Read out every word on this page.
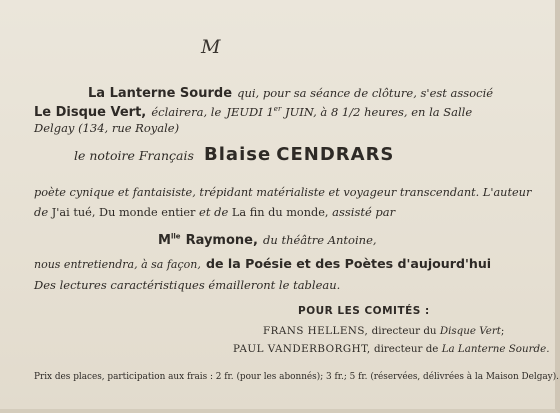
M
La Lanterne Sourde qui, pour sa séance de clôture, s'est associé
Le Disque Vert, éclairera, le JEUDI 1er JUIN, à 8 1/2 heures, en la Salle
Delgay (134, rue Royale)
le notoire Français Blaise CENDRARS
poète cynique et fantaisiste, trépidant matérialiste et voyageur transcendant. L'auteur
de J'ai tué, Du monde entier et de La fin du monde, assisté par
$M^{lle}$ Raymone, du théâtre Antoine,
nous entretiendra, à sa façon, de la Poésie et des Poètes d'aujourd'hui
Des lectures caractéristiques émailleront le tableau.
POUR LES COMITÉS :
FRANS HELLENS, directeur du Disque Vert;
PAUL VANDERBORGHT, directeur de La Lanterne Sourde.
Prix des places, participation aux frais : 2 fr. (pour les abonnés); 3 fr.; 5 fr. (réservées, délivrées à la Maison Delgay).
